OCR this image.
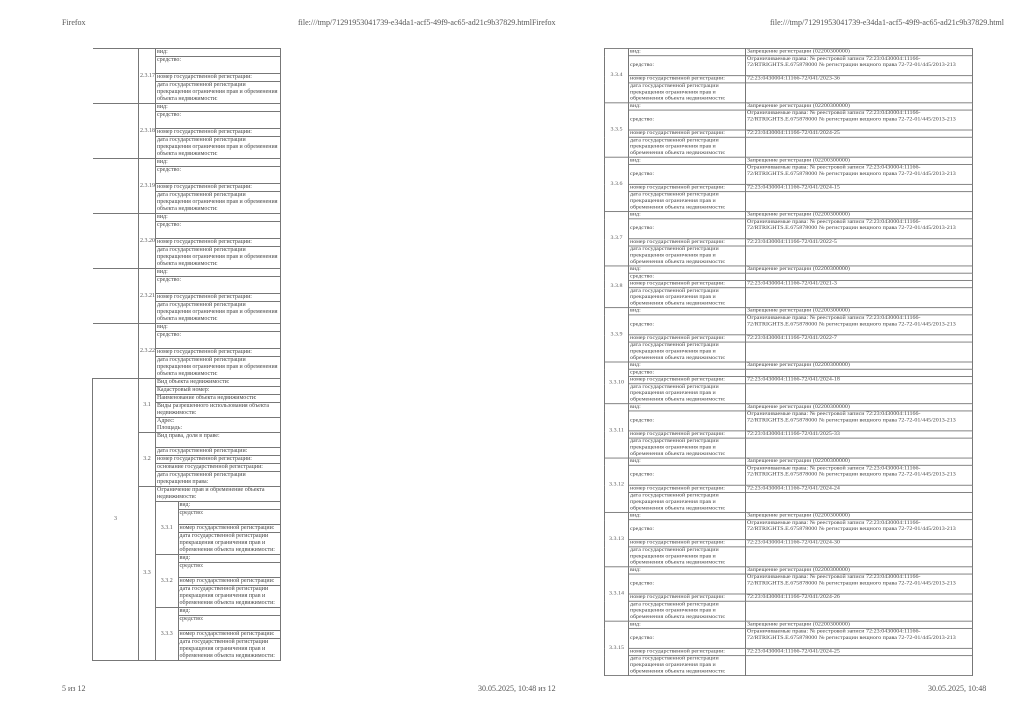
Firefox	file:///tmp/71291953041739-e34da1-acf5-49f9-ac65-ad21c9b37829.htmlFirefox	file:///tmp/71291953041739-e34da1-acf5-49f9-ac65-ad21c9b37829.html
	2.3.17	вид:
средство:
номер государственной регистрации:
дата государственной регистрации прекращения ограничения прав и обременения объекта недвижимости:
	2.3.18	вид:
средство:
номер государственной регистрации:
дата государственной регистрации прекращения ограничения прав и обременения объекта недвижимости:
	2.3.19	вид:
средство:
номер государственной регистрации:
дата государственной регистрации прекращения ограничения прав и обременения объекта недвижимости:
	2.3.20	вид:
средство:
номер государственной регистрации:
дата государственной регистрации прекращения ограничения прав и обременения объекта недвижимости:
	2.3.21	вид:
средство:
номер государственной регистрации:
дата государственной регистрации прекращения ограничения прав и обременения объекта недвижимости:
	2.3.22	вид:
средство:
номер государственной регистрации:
дата государственной регистрации прекращения ограничения прав и обременения объекта недвижимости:
3	3.1	Вид объекта недвижимости:
Кадастровый номер:
Наименование объекта недвижимости:
Виды разрешенного использования объекта недвижимости:
Адрес:
Площадь:
3.2	Вид права, доля в праве:
дата государственной регистрации:
номер государственной регистрации:
основание государственной регистрации:
дата государственной регистрации прекращения права:
3.3	Ограничение прав и обременение объекта недвижимости:

3.3.1	вид:
средство:
номер государственной регистрации:
дата государственной регистрации прекращения ограничения прав и обременения объекта недвижимости:

3.3.2	вид:
средство:
номер государственной регистрации:
дата государственной регистрации прекращения ограничения прав и обременения объекта недвижимости:

3.3.3	вид:
средство:
номер государственной регистрации:
дата государственной регистрации прекращения ограничения прав и обременения объекта недвижимости:
3.3.4	вид:	Запрещение регистрации (02200300000)
	средство:	Ограничиваемые права: № реестровой записи 72:23:0430004:11166-72/RTRIGHTS.E.675878000 № регистрации вещного права 72-72-01/445/2013-213
	номер государственной регистрации:	72:23:0430004:11166-72/041/2023-36
	дата государственной регистрации прекращения ограничения прав и обременения объекта недвижимости:	
3.3.5	вид:	Запрещение регистрации (02200300000)
	средство:	Ограничиваемые права: № реестровой записи 72:23:0430004:11166-72/RTRIGHTS.E.675878000 № регистрации вещного права 72-72-01/445/2013-213
	номер государственной регистрации:	72:23:0430004:11166-72/041/2024-25
	дата государственной регистрации прекращения ограничения прав и обременения объекта недвижимости:	
3.3.6	вид:	Запрещение регистрации (02200300000)
	средство:	Ограничиваемые права: № реестровой записи 72:23:0430004:11166-72/RTRIGHTS.E.675878000 № регистрации вещного права 72-72-01/445/2013-213
	номер государственной регистрации:	72:23:0430004:11166-72/041/2024-15
	дата государственной регистрации прекращения ограничения прав и обременения объекта недвижимости:	
3.3.7	вид:	Запрещение регистрации (02200300000)
	средство:	Ограничиваемые права: № реестровой записи 72:23:0430004:11166-72/RTRIGHTS.E.675878000 № регистрации вещного права 72-72-01/445/2013-213
	номер государственной регистрации:	72:23:0430004:11166-72/041/2022-5
	дата государственной регистрации прекращения ограничения прав и обременения объекта недвижимости:	
3.3.8	вид:	Запрещение регистрации (02200300000)
	средство:	
	номер государственной регистрации:	72:23:0430004:11166-72/041/2021-3
	дата государственной регистрации прекращения ограничения прав и обременения объекта недвижимости:	
3.3.9	вид:	Запрещение регистрации (02200300000)
	средство:	Ограничиваемые права: № реестровой записи 72:23:0430004:11166-72/RTRIGHTS.E.675878000 № регистрации вещного права 72-72-01/445/2013-213
	номер государственной регистрации:	72:23:0430004:11166-72/041/2022-7
	дата государственной регистрации прекращения ограничения прав и обременения объекта недвижимости:	
3.3.10	вид:	Запрещение регистрации (02200300000)
	средство:	
	номер государственной регистрации:	72:23:0430004:11166-72/041/2024-18
	дата государственной регистрации прекращения ограничения прав и обременения объекта недвижимости:	
3.3.11	вид:	Запрещение регистрации (02200300000)
	средство:	Ограничиваемые права: № реестровой записи 72:23:0430004:11166-72/RTRIGHTS.E.675878000 № регистрации вещного права 72-72-01/445/2013-213
	номер государственной регистрации:	72:23:0430004:11166-72/041/2025-33
	дата государственной регистрации прекращения ограничения прав и обременения объекта недвижимости:	
3.3.12	вид:	Запрещение регистрации (02200300000)
	средство:	Ограничиваемые права: № реестровой записи 72:23:0430004:11166-72/RTRIGHTS.E.675878000 № регистрации вещного права 72-72-01/445/2013-213
	номер государственной регистрации:	72:23:0430004:11166-72/041/2024-24
	дата государственной регистрации прекращения ограничения прав и обременения объекта недвижимости:	
3.3.13	вид:	Запрещение регистрации (02200300000)
	средство:	Ограничиваемые права: № реестровой записи 72:23:0430004:11166-72/RTRIGHTS.E.675878000 № регистрации вещного права 72-72-01/445/2013-213
	номер государственной регистрации:	72:23:0430004:11166-72/041/2024-30
	дата государственной регистрации прекращения ограничения прав и обременения объекта недвижимости:	
3.3.14	вид:	Запрещение регистрации (02200300000)
	средство:	Ограничиваемые права: № реестровой записи 72:23:0430004:11166-72/RTRIGHTS.E.675878000 № регистрации вещного права 72-72-01/445/2013-213
	номер государственной регистрации:	72:23:0430004:11166-72/041/2024-26
	дата государственной регистрации прекращения ограничения прав и обременения объекта недвижимости:	
3.3.15	вид:	Запрещение регистрации (02200300000)
	средство:	Ограничиваемые права: № реестровой записи 72:23:0430004:11166-72/RTRIGHTS.E.675878000 № регистрации вещного права 72-72-01/445/2013-213
	номер государственной регистрации:	72:23:0430004:11166-72/041/2024-25
	дата государственной регистрации прекращения ограничения прав и обременения объекта недвижимости:	
5 из 12	30.05.2025, 10:48 из 12	30.05.2025, 10:48
